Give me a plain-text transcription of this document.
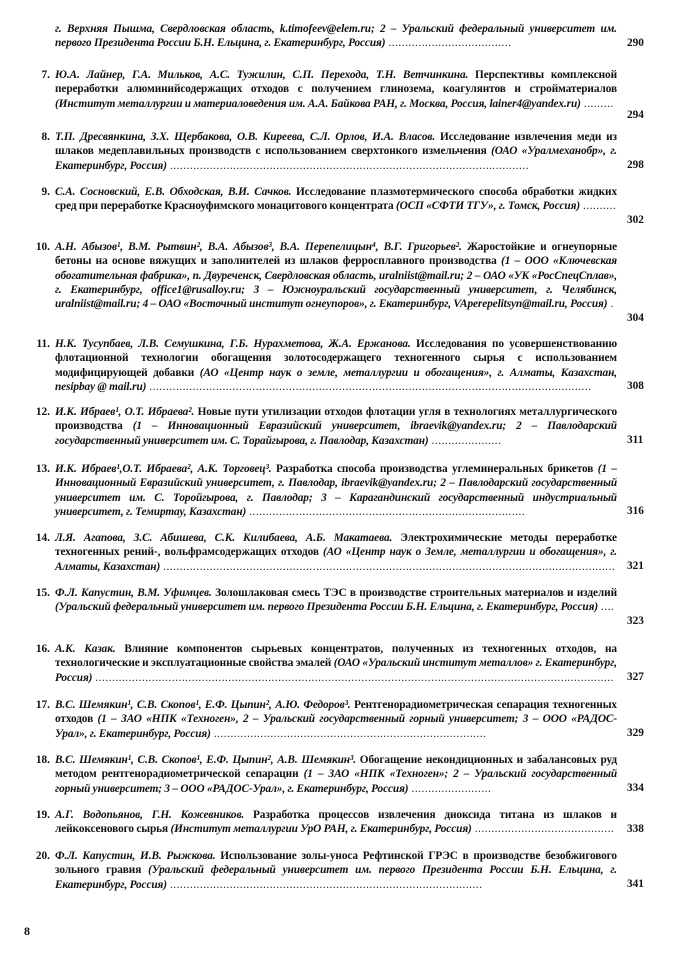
г. Верхняя Пышма, Свердловская область, k.timofeev@elem.ru; 2 – Уральский федеральный университет им. первого Президента России Б.Н. Ельцина, г. Екатеринбург, Россия) .....................................	290
7. Ю.А. Лайнер, Г.А. Мильков, А.С. Тужилин, С.П. Перехода, Т.Н. Ветчинкина. Перспективы комплексной переработки алюминийсодержащих отходов с получением глинозема, коагулянтов и стройматериалов (Институт металлургии и материаловедения им. А.А. Байкова РАН, г. Москва, Россия, lainer4@yandex.ru) .........
294
8. Т.П. Дресвянкина, З.Х. Щербакова, О.В. Киреева, С.Л. Орлов, И.А. Власов. Исследование извлечения меди из шлаков медеплавильных производств с использованием сверхтонкого измельчения (ОАО «Уралмеханобр», г. Екатеринбург, Россия) ............................................................................................................	298
9. С.А. Сосновский, Е.В. Обходская, В.И. Сачков. Исследование плазмотермического способа обработки жидких сред при переработке Красноуфимского монацитового концентрата (ОСП «СФТИ ТГУ», г. Томск, Россия) ..........
302
10. А.Н. Абызов¹, В.М. Рытвин², В.А. Абызов³, В.А. Перепелицын⁴, В.Г. Григорьев². Жаростойкие и огнеупорные бетоны на основе вяжущих и заполнителей из шлаков ферросплавного производства (1 – ООО «Ключевская обогатительная фабрика», п. Двуреченск, Свердловская область, uralniist@mail.ru; 2 – ОАО «УК «РосСпецСплав», г. Екатеринбург, office1@rusalloy.ru; 3 – Южноуральский государственный университет, г. Челябинск, uralniist@mail.ru; 4 – ОАО «Восточный институт огнеупоров», г. Екатеринбург, VAperepelitsyn@mail.ru, Россия) .
304
11. Н.К. Тусупбаев, Л.В. Семушкина, Г.Б. Нурахметова, Ж.А. Ержанова. Исследования по усовершенствованию флотационной технологии обогащения золотосодержащего техногенного сырья с использованием модифицирующей добавки (АО «Центр наук о земле, металлургии и обогащения», г. Алматы, Казахстан, nesipbay @ mail.ru) .....................................................................................................................................	308
12. И.К. Ибраев¹, О.Т. Ибраева². Новые пути утилизации отходов флотации угля в технологиях металлургического производства (1 – Инновационный Евразийский университет, ibraevik@yandex.ru; 2 – Павлодарский государственный университет им. С. Торайгырова, г. Павлодар, Казахстан) .....................	311
13. И.К. Ибраев¹,О.Т. Ибраева², А.К. Торговец³. Разработка способа производства углеминеральных брикетов (1 – Инновационный Евразийский университет, г. Павлодар, ibraevik@yandex.ru; 2 – Павлодарский государственный университет им. С. Торойгырова, г. Павлодар; 3 – Карагандинский государственный индустриальный университет, г. Темиртау, Казахстан) ...................................................................................	316
14. Л.Я. Агапова, З.С. Абишева, С.К. Килибаева, А.Б. Макатаева. Электрохимические методы переработке техногенных рений-, вольфрамсодержащих отходов (АО «Центр наук о Земле, металлургии и обогащения», г. Алматы, Казахстан) ........................................................................................................................................ 321
15. Ф.Л. Капустин, В.М. Уфимцев. Золошлаковая смесь ТЭС в производстве строительных материалов и изделий (Уральский федеральный университет им. первого Президента России Б.Н. Ельцина, г. Екатеринбург, Россия) ....
323
16. А.К. Казак. Влияние компонентов сырьевых концентратов, полученных из техногенных отходов, на технологические и эксплуатационные свойства эмалей (ОАО «Уральский институт металлов» г. Екатеринбург, Россия) ............................................................................................................................................................ 327
17. В.С. Шемякин¹, С.В. Скопов¹, Е.Ф. Цыпин², А.Ю. Федоров³. Рентгенорадиометрическая сепарация техногенных отходов (1 – ЗАО «НПК «Техноген», 2 – Уральский государственный горный университет; 3 – ООО «РАДОС-Урал», г. Екатеринбург, Россия) ..................................................................................	329
18. В.С. Шемякин¹, С.В. Скопов¹, Е.Ф. Цыпин², А.В. Шемякин³. Обогащение некондиционных и забалансовых руд методом рентгенорадиометрической сепарации (1 – ЗАО «НПК «Техноген»; 2 – Уральский государственный горный университет; 3 – ООО «РАДОС-Урал», г. Екатеринбург, Россия) ........................	334
19. А.Г. Водопьянов, Г.Н. Кожевников. Разработка процессов извлечения диоксида титана из шлаков и лейкоксенового сырья (Институт металлургии УрО РАН, г. Екатеринбург, Россия) .......................................... 338
20. Ф.Л. Капустин, И.В. Рыжкова. Использование золы-уноса Рефтинской ГРЭС в производстве безобжигового зольного гравия (Уральский федеральный университет им. первого Президента России Б.Н. Ельцина, г. Екатеринбург, Россия) ..............................................................................................	341
8
